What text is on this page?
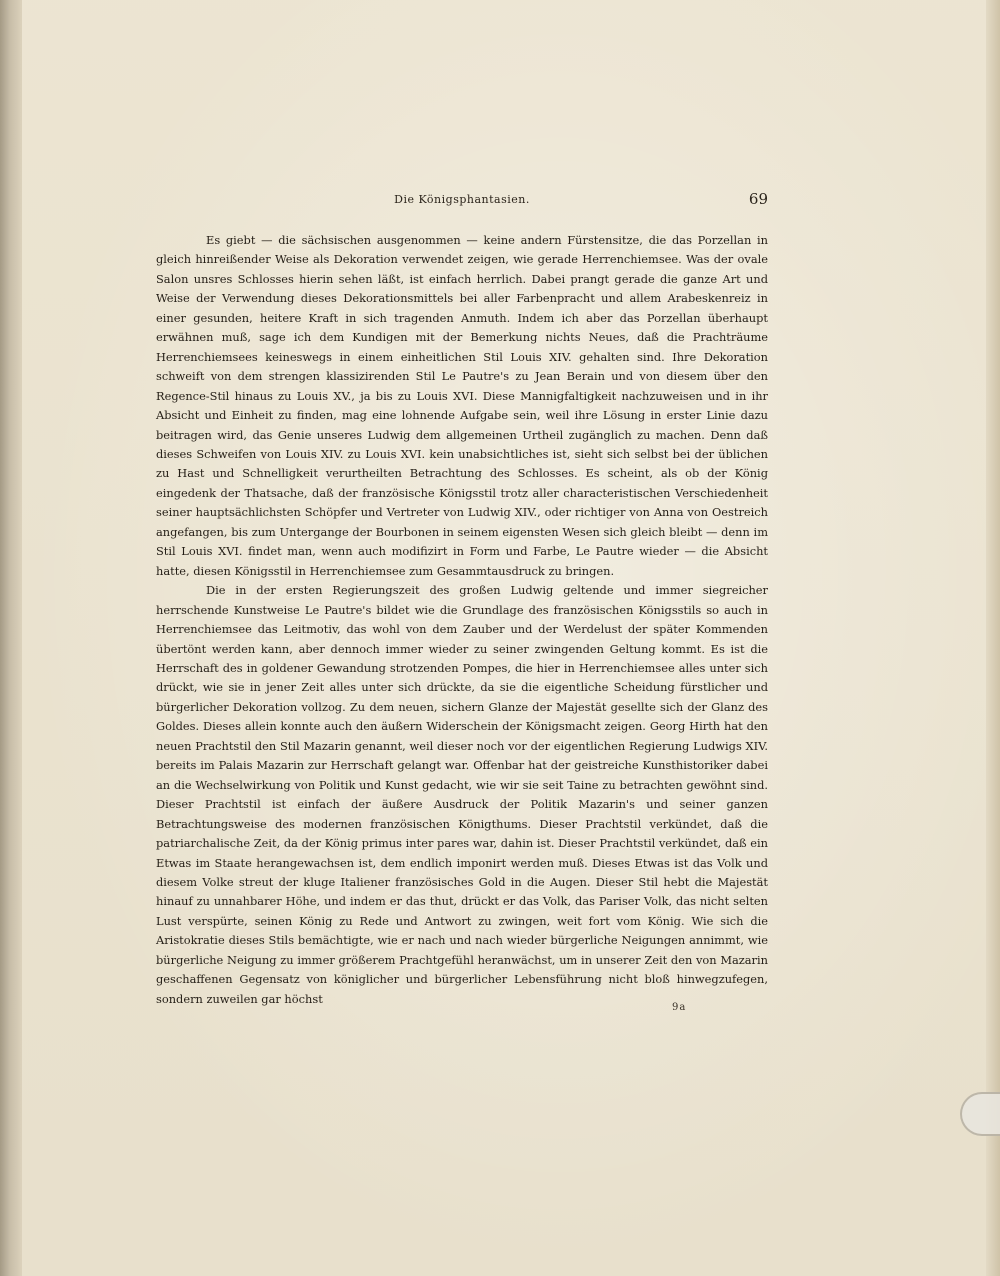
Die Königsphantasien.	69

Es giebt — die sächsischen ausgenommen — keine andern Fürstensitze, die das Porzellan in gleich hinreißender Weise als Dekoration verwendet zeigen, wie gerade Herrenchiemsee. Was der ovale Salon unsres Schlosses hierin sehen läßt, ist einfach herrlich. Dabei prangt gerade die ganze Art und Weise der Verwendung dieses Dekorationsmittels bei aller Farbenpracht und allem Arabeskenreiz in einer gesunden, heitere Kraft in sich tragenden Anmuth. Indem ich aber das Porzellan überhaupt erwähnen muß, sage ich dem Kundigen mit der Bemerkung nichts Neues, daß die Prachträume Herrenchiemsees keineswegs in einem einheitlichen Stil Louis XIV. gehalten sind. Ihre Dekoration schweift von dem strengen klassizirenden Stil Le Pautre's zu Jean Berain und von diesem über den Regence-Stil hinaus zu Louis XV., ja bis zu Louis XVI. Diese Mannigfaltigkeit nachzuweisen und in ihr Absicht und Einheit zu finden, mag eine lohnende Aufgabe sein, weil ihre Lösung in erster Linie dazu beitragen wird, das Genie unseres Ludwig dem allgemeinen Urtheil zugänglich zu machen. Denn daß dieses Schweifen von Louis XIV. zu Louis XVI. kein unabsichtliches ist, sieht sich selbst bei der üblichen zu Hast und Schnelligkeit verurtheilten Betrachtung des Schlosses. Es scheint, als ob der König eingedenk der Thatsache, daß der französische Königsstil trotz aller characteristischen Verschiedenheit seiner hauptsächlichsten Schöpfer und Vertreter von Ludwig XIV., oder richtiger von Anna von Oestreich angefangen, bis zum Untergange der Bourbonen in seinem eigensten Wesen sich gleich bleibt — denn im Stil Louis XVI. findet man, wenn auch modifizirt in Form und Farbe, Le Pautre wieder — die Absicht hatte, diesen Königsstil in Herrenchiemsee zum Gesammtausdruck zu bringen.

Die in der ersten Regierungszeit des großen Ludwig geltende und immer siegreicher herrschende Kunstweise Le Pautre's bildet wie die Grundlage des französischen Königsstils so auch in Herrenchiemsee das Leitmotiv, das wohl von dem Zauber und der Werdelust der später Kommenden übertönt werden kann, aber dennoch immer wieder zu seiner zwingenden Geltung kommt. Es ist die Herrschaft des in goldener Gewandung strotzenden Pompes, die hier in Herrenchiemsee alles unter sich drückt, wie sie in jener Zeit alles unter sich drückte, da sie die eigentliche Scheidung fürstlicher und bürgerlicher Dekoration vollzog. Zu dem neuen, sichern Glanze der Majestät gesellte sich der Glanz des Goldes. Dieses allein konnte auch den äußern Widerschein der Königsmacht zeigen. Georg Hirth hat den neuen Prachtstil den Stil Mazarin genannt, weil dieser noch vor der eigentlichen Regierung Ludwigs XIV. bereits im Palais Mazarin zur Herrschaft gelangt war. Offenbar hat der geistreiche Kunsthistoriker dabei an die Wechselwirkung von Politik und Kunst gedacht, wie wir sie seit Taine zu betrachten gewöhnt sind. Dieser Prachtstil ist einfach der äußere Ausdruck der Politik Mazarin's und seiner ganzen Betrachtungsweise des modernen französischen Königthums. Dieser Prachtstil verkündet, daß die patriarchalische Zeit, da der König primus inter pares war, dahin ist. Dieser Prachtstil verkündet, daß ein Etwas im Staate herangewachsen ist, dem endlich imponirt werden muß. Dieses Etwas ist das Volk und diesem Volke streut der kluge Italiener französisches Gold in die Augen. Dieser Stil hebt die Majestät hinauf zu unnahbarer Höhe, und indem er das thut, drückt er das Volk, das Pariser Volk, das nicht selten Lust verspürte, seinen König zu Rede und Antwort zu zwingen, weit fort vom König. Wie sich die Aristokratie dieses Stils bemächtigte, wie er nach und nach wieder bürgerliche Neigungen annimmt, wie bürgerliche Neigung zu immer größerem Prachtgefühl heranwächst, um in unserer Zeit den von Mazarin geschaffenen Gegensatz von königlicher und bürgerlicher Lebensführung nicht bloß hinwegzufegen, sondern zuweilen gar höchst

9a
